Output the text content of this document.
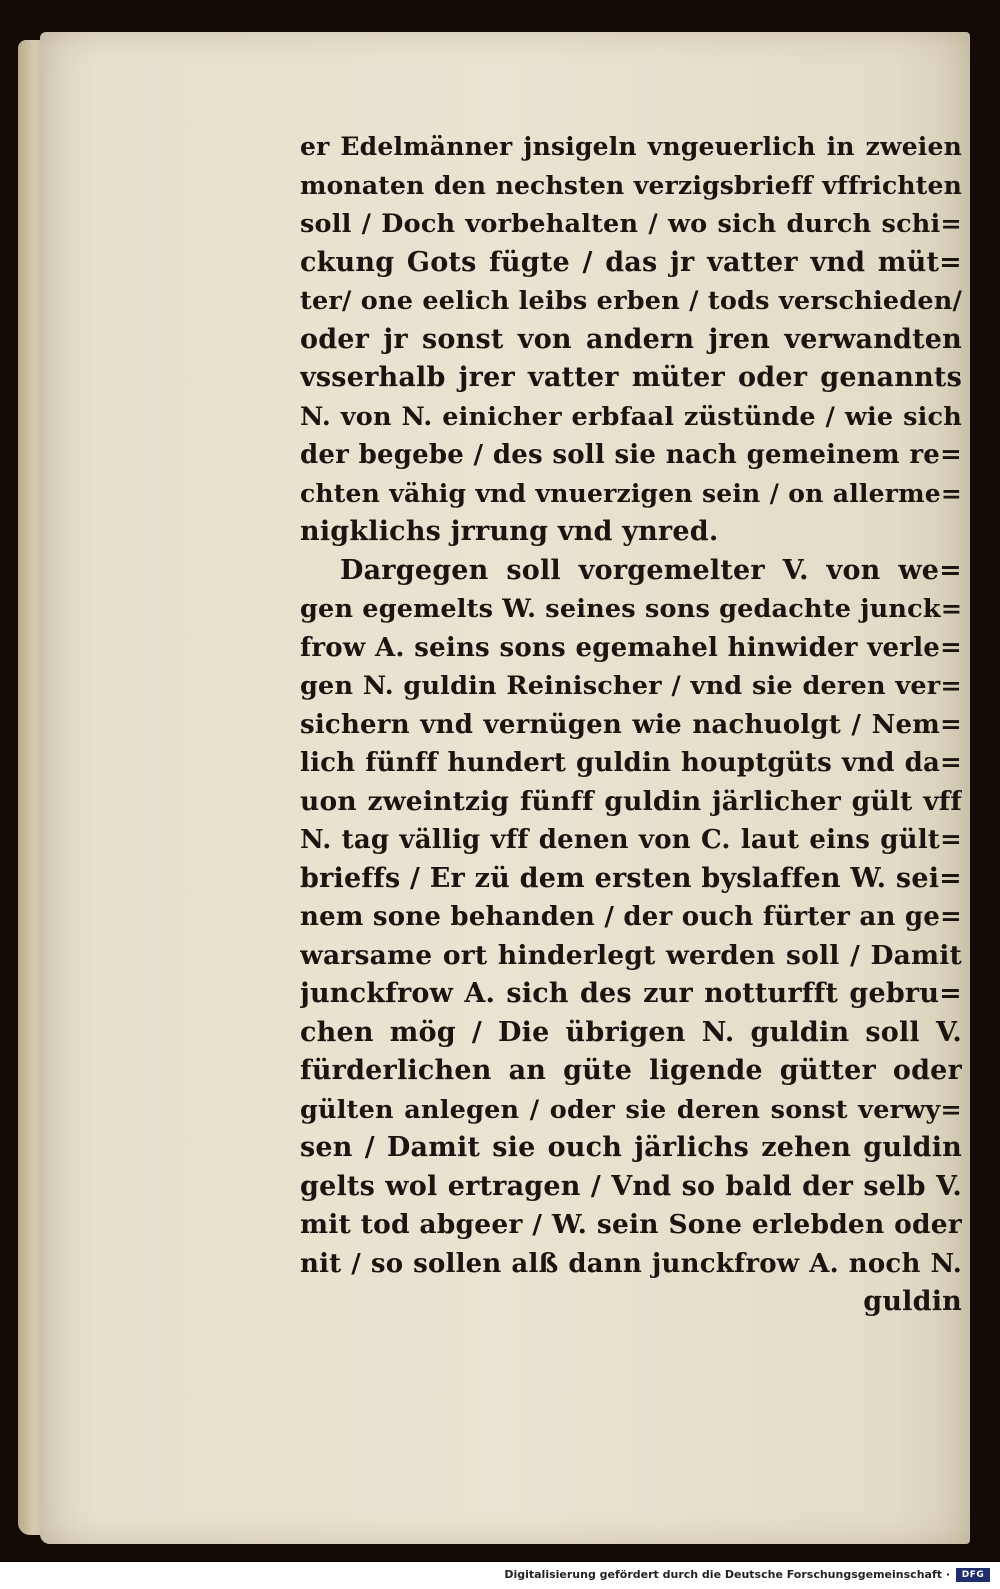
er Edelmänner jnsigeln vngeuerlich in zweien
monaten den nechsten verzigsbrieff vffrichten
soll / Doch vorbehalten / wo sich durch schi=
ckung Gots fügte / das jr vatter vnd müt=
ter/ one eelich leibs erben / tods verschieden/
oder jr sonst von andern jren verwandten
vsserhalb jrer vatter müter oder genannts
N. von N. einicher erbfaal züstünde / wie sich
der begebe / des soll sie nach gemeinem re=
chten vähig vnd vnuerzigen sein / on allermе=
nigklichs jrrung vnd ynred.
Dargegen soll vorgemelter V. von we=
gen egemelts W. seines sons gedachte junck=
frow A. seins sons egemahel hinwider verle=
gen N. guldin Reinischer / vnd sie deren ver=
sichern vnd vernügen wie nachuolgt / Nem=
lich fünff hundert guldin houptgüts vnd da=
uon zweintzig fünff guldin järlicher gült vff
N. tag vällig vff denen von C. laut eins gült=
brieffs / Er zü dem ersten byslaffen W. sei=
nem sone behanden / der ouch fürter an ge=
warsame ort hinderlegt werden soll / Damit
junckfrow A. sich des zur notturfft gebru=
chen mög / Die übrigen N. guldin soll V.
fürderlichen an güte ligende gütter oder
gülten anlegen / oder sie deren sonst verwy=
sen / Damit sie ouch järlichs zehen guldin
gelts wol ertragen / Vnd so bald der selb V.
mit tod abgeer / W. sein Sone erlebden oder
nit / so sollen alß dann junckfrow A. noch N.
guldin
Digitalisierung gefördert durch die Deutsche Forschungsgemeinschaft ·	DFG
